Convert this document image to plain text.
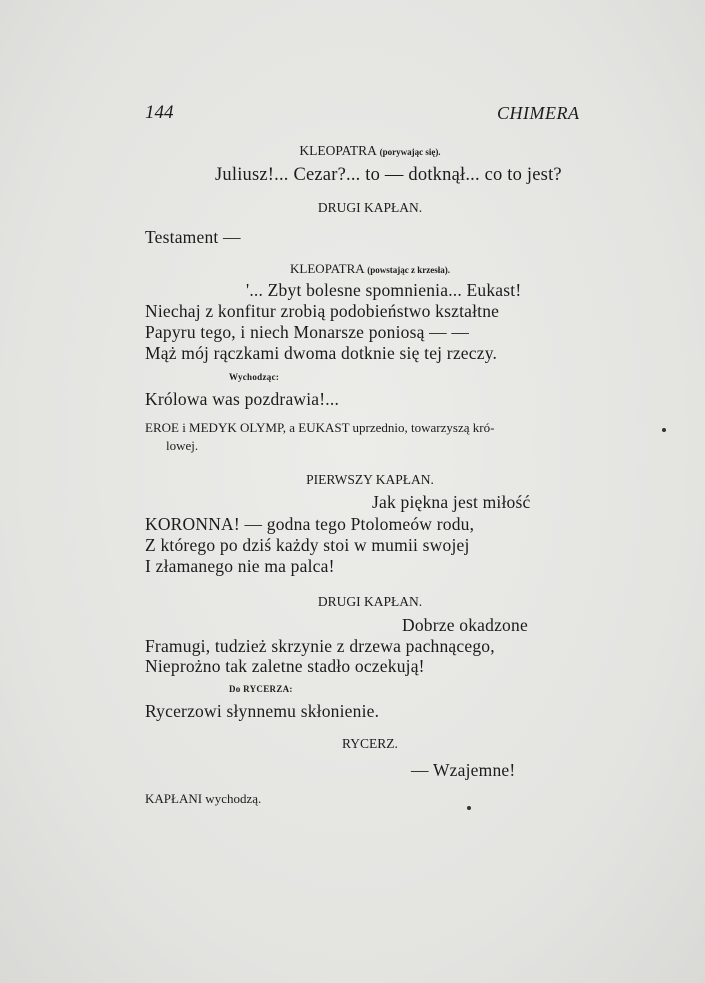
144	CHIMERA
KLEOPATRA (porywając się).
Juliusz!... Cezar?... to — dotknął... co to jest?
DRUGI KAPŁAN.
Testament —
KLEOPATRA (powstając z krzesła).
'... Zbyt bolesne spomnienia... Eukast!
Niechaj z konfitur zrobią podobieństwo kształtne
Papyru tego, i niech Monarsze poniosą — —
Mąż mój rączkami dwoma dotknie się tej rzeczy.
Wychodząc:
Królowa was pozdrawia!...
EROE i MEDYK OLYMP, a EUKAST uprzednio, towarzyszą kró-
lowej.
PIERWSZY KAPŁAN.
Jak piękna jest miłość
KORONNA! — godna tego Ptolomeów rodu,
Z którego po dziś każdy stoi w mumii swojej
I złamanego nie ma palca!
DRUGI KAPŁAN.
Dobrze okadzone
Framugi, tudzież skrzynie z drzewa pachnącego,
Nieprożno tak zaletne stadło oczekują!
Do RYCERZA:
Rycerzowi słynnemu skłonienie.
RYCERZ.
— Wzajemne!
KAPŁANI wychodzą.
